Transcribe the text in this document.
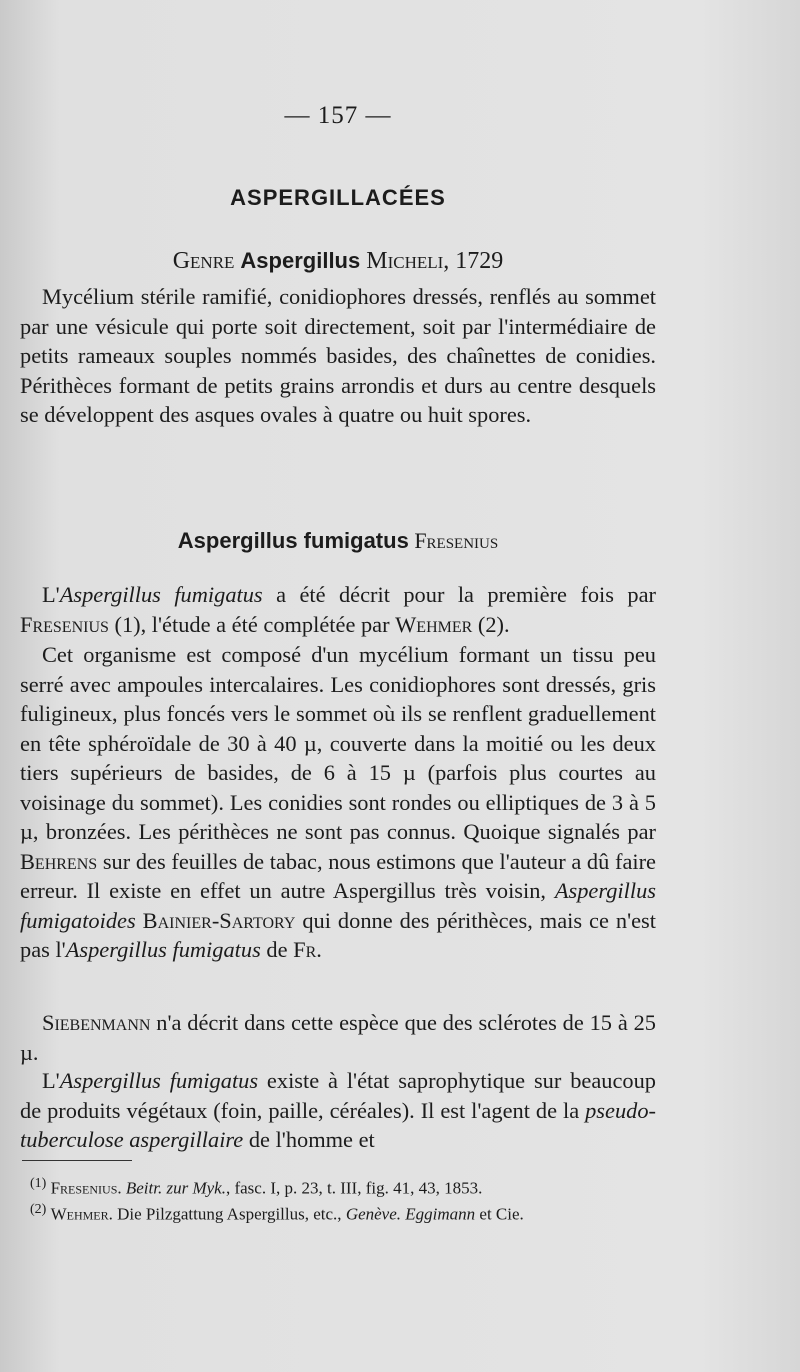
— 157 —
ASPERGILLACÉES
Genre Aspergillus Micheli, 1729

Mycélium stérile ramifié, conidiophores dressés, renflés au sommet par une vésicule qui porte soit directement, soit par l'intermédiaire de petits rameaux souples nommés basides, des chaînettes de conidies. Périthèces formant de petits grains arrondis et durs au centre desquels se développent des asques ovales à quatre ou huit spores.

Aspergillus fumigatus Fresenius

L'Aspergillus fumigatus a été décrit pour la première fois par Fresenius (1), l'étude a été complétée par Wehmer (2).

Cet organisme est composé d'un mycélium formant un tissu peu serré avec ampoules intercalaires. Les conidiophores sont dressés, gris fuligineux, plus foncés vers le sommet où ils se renflent graduellement en tête sphéroïdale de 30 à 40 µ, couverte dans la moitié ou les deux tiers supérieurs de basides, de 6 à 15 µ (parfois plus courtes au voisinage du sommet). Les conidies sont rondes ou elliptiques de 3 à 5 µ, bronzées. Les périthèces ne sont pas connus. Quoique signalés par Behrens sur des feuilles de tabac, nous estimons que l'auteur a dû faire erreur. Il existe en effet un autre Aspergillus très voisin, Aspergillus fumigatoides Bainier-Sartory qui donne des périthèces, mais ce n'est pas l'Aspergillus fumigatus de Fr.

Siebenmann n'a décrit dans cette espèce que des sclérotes de 15 à 25 µ.

L'Aspergillus fumigatus existe à l'état saprophytique sur beaucoup de produits végétaux (foin, paille, céréales). Il est l'agent de la pseudo-tuberculose aspergillaire de l'homme et

$^{(1)}$ Fresenius. Beitr. zur Myk., fasc. I, p. 23, t. III, fig. 41, 43, 1853.
$^{(2)}$ Wehmer. Die Pilzgattung Aspergillus, etc., Genève. Eggimann et Cie.
